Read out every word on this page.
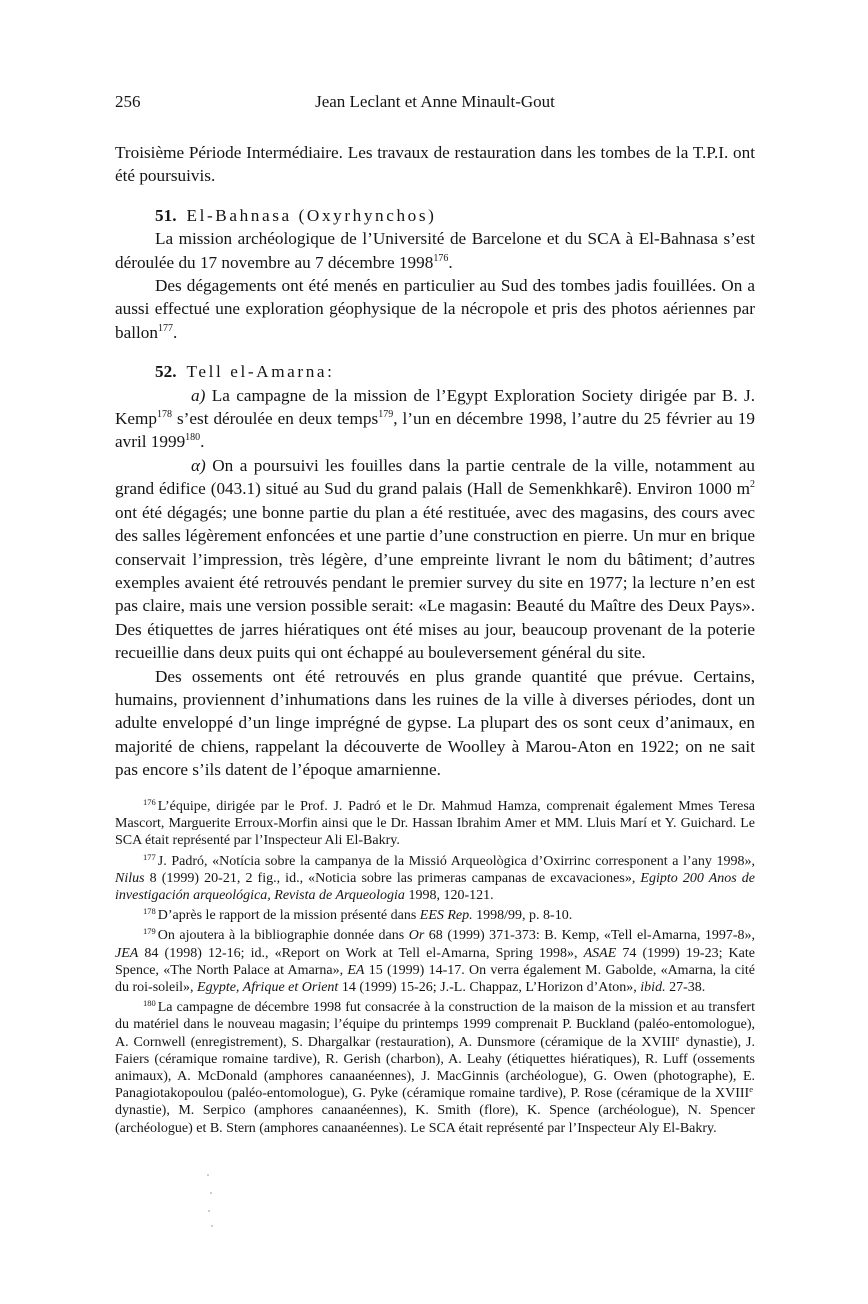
256	Jean Leclant et Anne Minault-Gout

Troisième Période Intermédiaire. Les travaux de restauration dans les tombes de la T.P.I. ont été poursuivis.

51. El-Bahnasa (Oxyrhynchos)

La mission archéologique de l’Université de Barcelone et du SCA à El-Bahnasa s’est déroulée du 17 novembre au 7 décembre 1998$^{176}$.

Des dégagements ont été menés en particulier au Sud des tombes jadis fouillées. On a aussi effectué une exploration géophysique de la nécropole et pris des photos aériennes par ballon$^{177}$.

52. Tell el-Amarna:

a) La campagne de la mission de l’Egypt Exploration Society dirigée par B. J. Kemp$^{178}$ s’est déroulée en deux temps$^{179}$, l’un en décembre 1998, l’autre du 25 février au 19 avril 1999$^{180}$.

α) On a poursuivi les fouilles dans la partie centrale de la ville, notamment au grand édifice (043.1) situé au Sud du grand palais (Hall de Semenkhkarê). Environ 1000 $m^2$ ont été dégagés; une bonne partie du plan a été restituée, avec des magasins, des cours avec des salles légèrement enfoncées et une partie d’une construction en pierre. Un mur en brique conservait l’impression, très légère, d’une empreinte livrant le nom du bâtiment; d’autres exemples avaient été retrouvés pendant le premier survey du site en 1977; la lecture n’en est pas claire, mais une version possible serait: «Le magasin: Beauté du Maître des Deux Pays». Des étiquettes de jarres hiératiques ont été mises au jour, beaucoup provenant de la poterie recueillie dans deux puits qui ont échappé au bouleversement général du site.

Des ossements ont été retrouvés en plus grande quantité que prévue. Certains, humains, proviennent d’inhumations dans les ruines de la ville à diverses périodes, dont un adulte enveloppé d’un linge imprégné de gypse. La plupart des os sont ceux d’animaux, en majorité de chiens, rappelant la découverte de Woolley à Marou-Aton en 1922; on ne sait pas encore s’ils datent de l’époque amarnienne.

$^{176}$ L’équipe, dirigée par le Prof. J. Padró et le Dr. Mahmud Hamza, comprenait également Mmes Teresa Mascort, Marguerite Erroux-Morfin ainsi que le Dr. Hassan Ibrahim Amer et MM. Lluis Marí et Y. Guichard. Le SCA était représenté par l’Inspecteur Ali El-Bakry.

$^{177}$ J. Padró, «Notícia sobre la campanya de la Missió Arqueològica d’Oxirrinc corresponent a l’any 1998», Nilus 8 (1999) 20-21, 2 fig., id., «Noticia sobre las primeras campanas de excavaciones», Egipto 200 Anos de investigación arqueológica, Revista de Arqueologia 1998, 120-121.

$^{178}$ D’après le rapport de la mission présenté dans EES Rep. 1998/99, p. 8-10.

$^{179}$ On ajoutera à la bibliographie donnée dans Or 68 (1999) 371-373: B. Kemp, «Tell el-Amarna, 1997-8», JEA 84 (1998) 12-16; id., «Report on Work at Tell el-Amarna, Spring 1998», ASAE 74 (1999) 19-23; Kate Spence, «The North Palace at Amarna», EA 15 (1999) 14-17. On verra également M. Gabolde, «Amarna, la cité du roi-soleil», Egypte, Afrique et Orient 14 (1999) 15-26; J.-L. Chappaz, L’Horizon d’Aton», ibid. 27-38.

$^{180}$ La campagne de décembre 1998 fut consacrée à la construction de la maison de la mission et au transfert du matériel dans le nouveau magasin; l’équipe du printemps 1999 comprenait P. Buckland (paléo-entomologue), A. Cornwell (enregistrement), S. Dhargalkar (restauration), A. Dunsmore (céramique de la XVIIIe dynastie), J. Faiers (céramique romaine tardive), R. Gerish (charbon), A. Leahy (étiquettes hiératiques), R. Luff (ossements animaux), A. McDonald (amphores canaanéennes), J. MacGinnis (archéologue), G. Owen (photographe), E. Panagiotakopoulou (paléo-entomologue), G. Pyke (céramique romaine tardive), P. Rose (céramique de la XVIIIe dynastie), M. Serpico (amphores canaanéennes), K. Smith (flore), K. Spence (archéologue), N. Spencer (archéologue) et B. Stern (amphores canaanéennes). Le SCA était représenté par l’Inspecteur Aly El-Bakry.
